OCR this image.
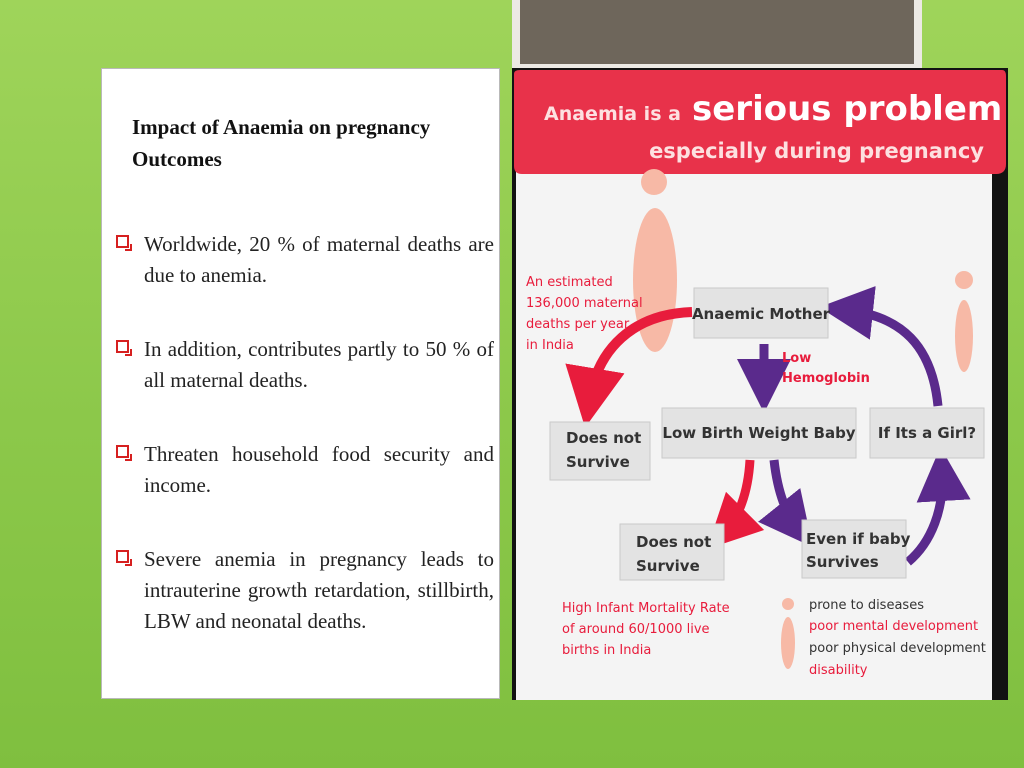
Impact of Anaemia on pregnancy Outcomes
Worldwide, 20 % of maternal deaths are due to anemia.
In addition, contributes partly to 50 % of all maternal deaths.
Threaten household food security and income.
Severe anemia in pregnancy leads to intrauterine growth retardation, stillbirth, LBW and neonatal deaths.
Anaemia is a serious problem
especially during pregnancy
An estimated
136,000 maternal
deaths per year
in India
Anaemic Mother
Low Birth Weight Baby If Its a Girl?
Does not
Survive
Does not
Survive
Even if baby
Survives
Low
Hemoglobin
High Infant Mortality Rate
of around 60/1000 live
births in India
prone to diseases
poor mental development
poor physical development
disability
